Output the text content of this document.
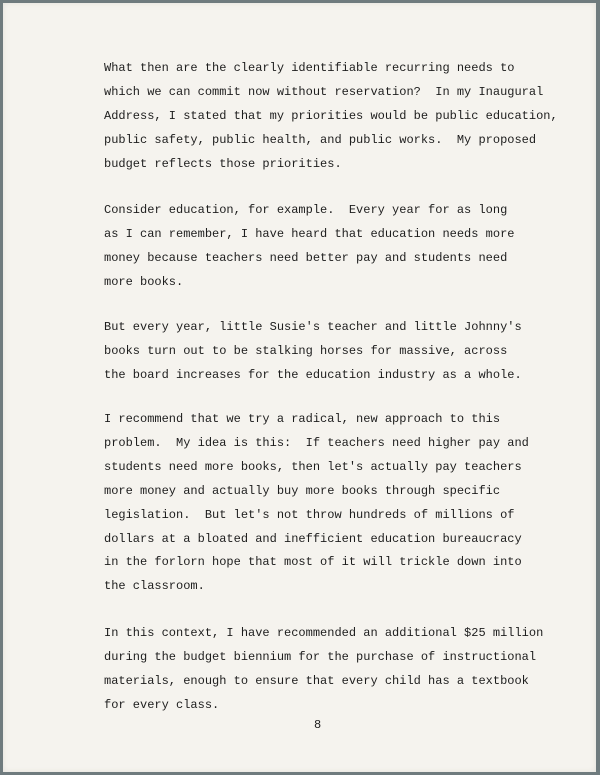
What then are the clearly identifiable recurring needs to
which we can commit now without reservation?  In my Inaugural
Address, I stated that my priorities would be public education,
public safety, public health, and public works.  My proposed
budget reflects those priorities.

Consider education, for example.  Every year for as long
as I can remember, I have heard that education needs more
money because teachers need better pay and students need
more books.

But every year, little Susie's teacher and little Johnny's
books turn out to be stalking horses for massive, across
the board increases for the education industry as a whole.

I recommend that we try a radical, new approach to this
problem.  My idea is this:  If teachers need higher pay and
students need more books, then let's actually pay teachers
more money and actually buy more books through specific
legislation.  But let's not throw hundreds of millions of
dollars at a bloated and inefficient education bureaucracy
in the forlorn hope that most of it will trickle down into
the classroom.

In this context, I have recommended an additional $25 million
during the budget biennium for the purchase of instructional
materials, enough to ensure that every child has a textbook
for every class.

8
